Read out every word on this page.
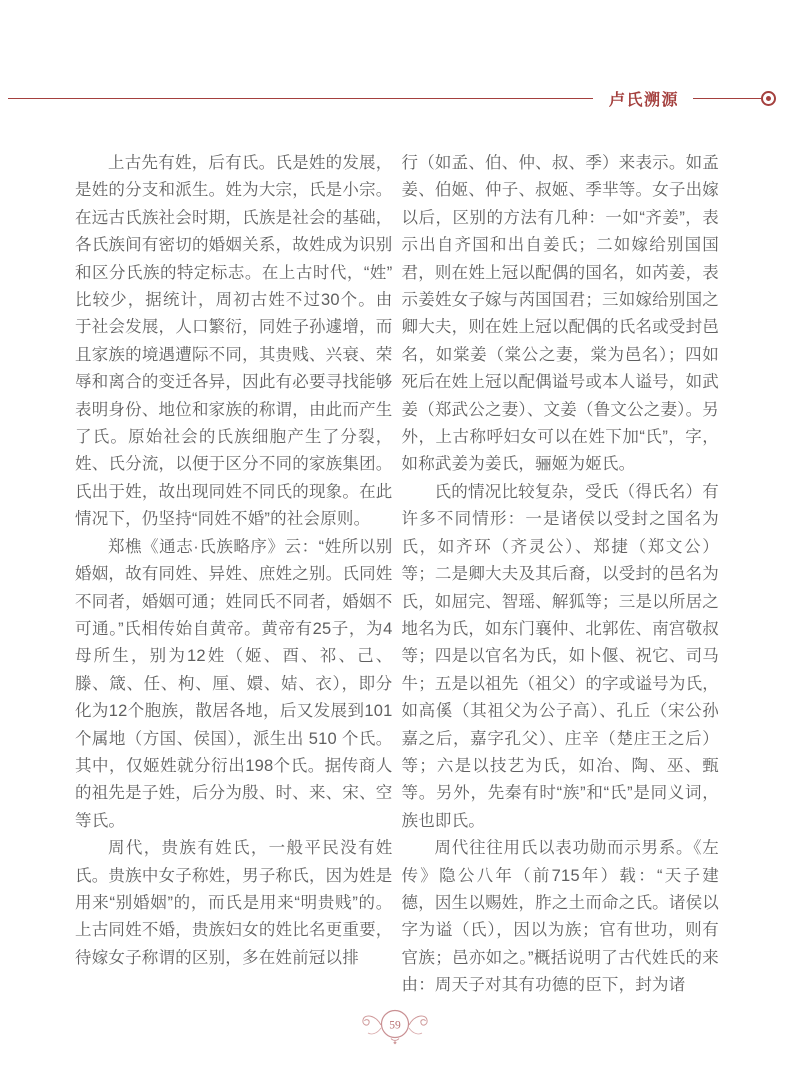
卢氏溯源

上古先有姓，后有氏。氏是姓的发展，是姓的分支和派生。姓为大宗，氏是小宗。在远古氏族社会时期，氏族是社会的基础，各氏族间有密切的婚姻关系，故姓成为识别和区分氏族的特定标志。在上古时代，“姓”比较少，据统计，周初古姓不过30个。由于社会发展，人口繁衍，同姓子孙遽增，而且家族的境遇遭际不同，其贵贱、兴衰、荣辱和离合的变迁各异，因此有必要寻找能够表明身份、地位和家族的称谓，由此而产生了氏。原始社会的氏族细胞产生了分裂，姓、氏分流，以便于区分不同的家族集团。氏出于姓，故出现同姓不同氏的现象。在此情况下，仍坚持“同姓不婚”的社会原则。

郑樵《通志·氏族略序》云：“姓所以别婚姻，故有同姓、异姓、庶姓之别。氏同姓不同者，婚姻可通；姓同氏不同者，婚姻不可通。”氏相传始自黄帝。黄帝有25子，为4母所生，别为12姓（姬、酉、祁、己、滕、箴、任、枸、厘、嬛、姞、衣），即分化为12个胞族，散居各地，后又发展到101个属地（方国、侯国），派生出 510 个氏。其中，仅姬姓就分衍出198个氏。据传商人的祖先是子姓，后分为殷、时、来、宋、空等氏。

周代，贵族有姓氏，一般平民没有姓氏。贵族中女子称姓，男子称氏，因为姓是用来“别婚姻”的，而氏是用来“明贵贱”的。上古同姓不婚，贵族妇女的姓比名更重要，待嫁女子称谓的区别，多在姓前冠以排

行（如孟、伯、仲、叔、季）来表示。如孟姜、伯姬、仲子、叔姬、季芈等。女子出嫁以后，区别的方法有几种：一如“齐姜”，表示出自齐国和出自姜氏；二如嫁给别国国君，则在姓上冠以配偶的国名，如芮姜，表示姜姓女子嫁与芮国国君；三如嫁给别国之卿大夫，则在姓上冠以配偶的氏名或受封邑名，如棠姜（棠公之妻，棠为邑名）；四如死后在姓上冠以配偶谥号或本人谥号，如武姜（郑武公之妻）、文姜（鲁文公之妻）。另外，上古称呼妇女可以在姓下加“氏”，字，如称武姜为姜氏，骊姬为姬氏。

氏的情况比较复杂，受氏（得氏名）有许多不同情形：一是诸侯以受封之国名为氏，如齐环（齐灵公）、郑捷（郑文公）等；二是卿大夫及其后裔，以受封的邑名为氏，如屈完、智瑶、解狐等；三是以所居之地名为氏，如东门襄仲、北郭佐、南宫敬叔等；四是以官名为氏，如卜偃、祝它、司马牛；五是以祖先（祖父）的字或谥号为氏，如高傒（其祖父为公子高）、孔丘（宋公孙嘉之后，嘉字孔父）、庄辛（楚庄王之后）等；六是以技艺为氏，如冶、陶、巫、甄等。另外，先秦有时“族”和“氏”是同义词，族也即氏。

周代往往用氏以表功勋而示男系。《左传》隐公八年（前715年）载：“天子建德，因生以赐姓，胙之土而命之氏。诸侯以字为谥（氏），因以为族；官有世功，则有官族；邑亦如之。”概括说明了古代姓氏的来由：周天子对其有功德的臣下，封为诸

59
